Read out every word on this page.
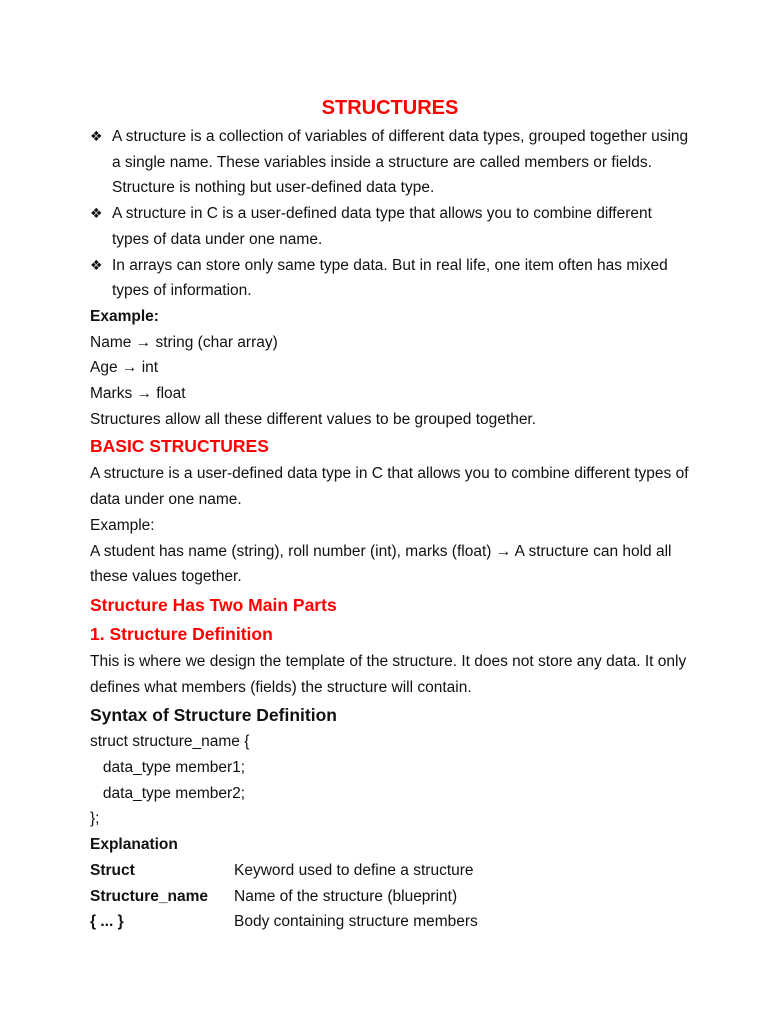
STRUCTURES
❖ A structure is a collection of variables of different data types, grouped together using a single name. These variables inside a structure are called members or fields. Structure is nothing but user-defined data type.
❖ A structure in C is a user-defined data type that allows you to combine different types of data under one name.
❖ In arrays can store only same type data. But in real life, one item often has mixed types of information.

Example:

Name → string (char array)

Age → int

Marks → float

Structures allow all these different values to be grouped together.

BASIC STRUCTURES

A structure is a user-defined data type in C that allows you to combine different types of data under one name.

Example:

A student has name (string), roll number (int), marks (float) → A structure can hold all these values together.

Structure Has Two Main Parts
1. Structure Definition

This is where we design the template of the structure. It does not store any data. It only defines what members (fields) the structure will contain.

Syntax of Structure Definition

struct structure_name {

data_type member1;

data_type member2;

};

Explanation

Struct	Keyword used to define a structure
Structure_name	Name of the structure (blueprint)
{ ... }	Body containing structure members
